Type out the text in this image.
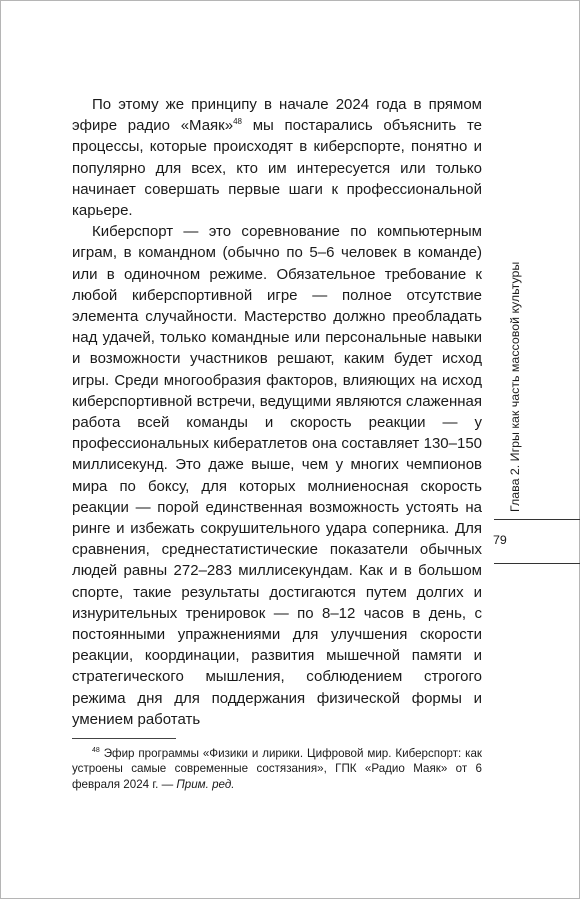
По этому же принципу в начале 2024 года в прямом эфире радио «Маяк»$^{48}$ мы постарались объяснить те процессы, которые происходят в киберспорте, понятно и популярно для всех, кто им интересуется или только начинает совершать первые шаги к профессиональной карьере.

Киберспорт — это соревнование по компьютерным играм, в командном (обычно по 5–6 человек в команде) или в одиночном режиме. Обязательное требование к любой киберспортивной игре — полное отсутствие элемента случайности. Мастерство должно преобладать над удачей, только командные или персональные навыки и возможности участников решают, каким будет исход игры. Среди многообразия факторов, влияющих на исход киберспортивной встречи, ведущими являются слаженная работа всей команды и скорость реакции — у профессиональных кибератлетов она составляет 130–150 миллисекунд. Это даже выше, чем у многих чемпионов мира по боксу, для которых молниеносная скорость реакции — порой единственная возможность устоять на ринге и избежать сокрушительного удара соперника. Для сравнения, среднестатистические показатели обычных людей равны 272–283 миллисекундам. Как и в большом спорте, такие результаты достигаются путем долгих и изнурительных тренировок — по 8–12 часов в день, с постоянными упражнениями для улучшения скорости реакции, координации, развития мышечной памяти и стратегического мышления, соблюдением строгого режима дня для поддержания физической формы и умением работать

$^{48}$ Эфир программы «Физики и лирики. Цифровой мир. Киберспорт: как устроены самые современные состязания», ГПК «Радио Маяк» от 6 февраля 2024 г. — Прим. ред.
Глава 2. Игры как часть массовой культуры
79
